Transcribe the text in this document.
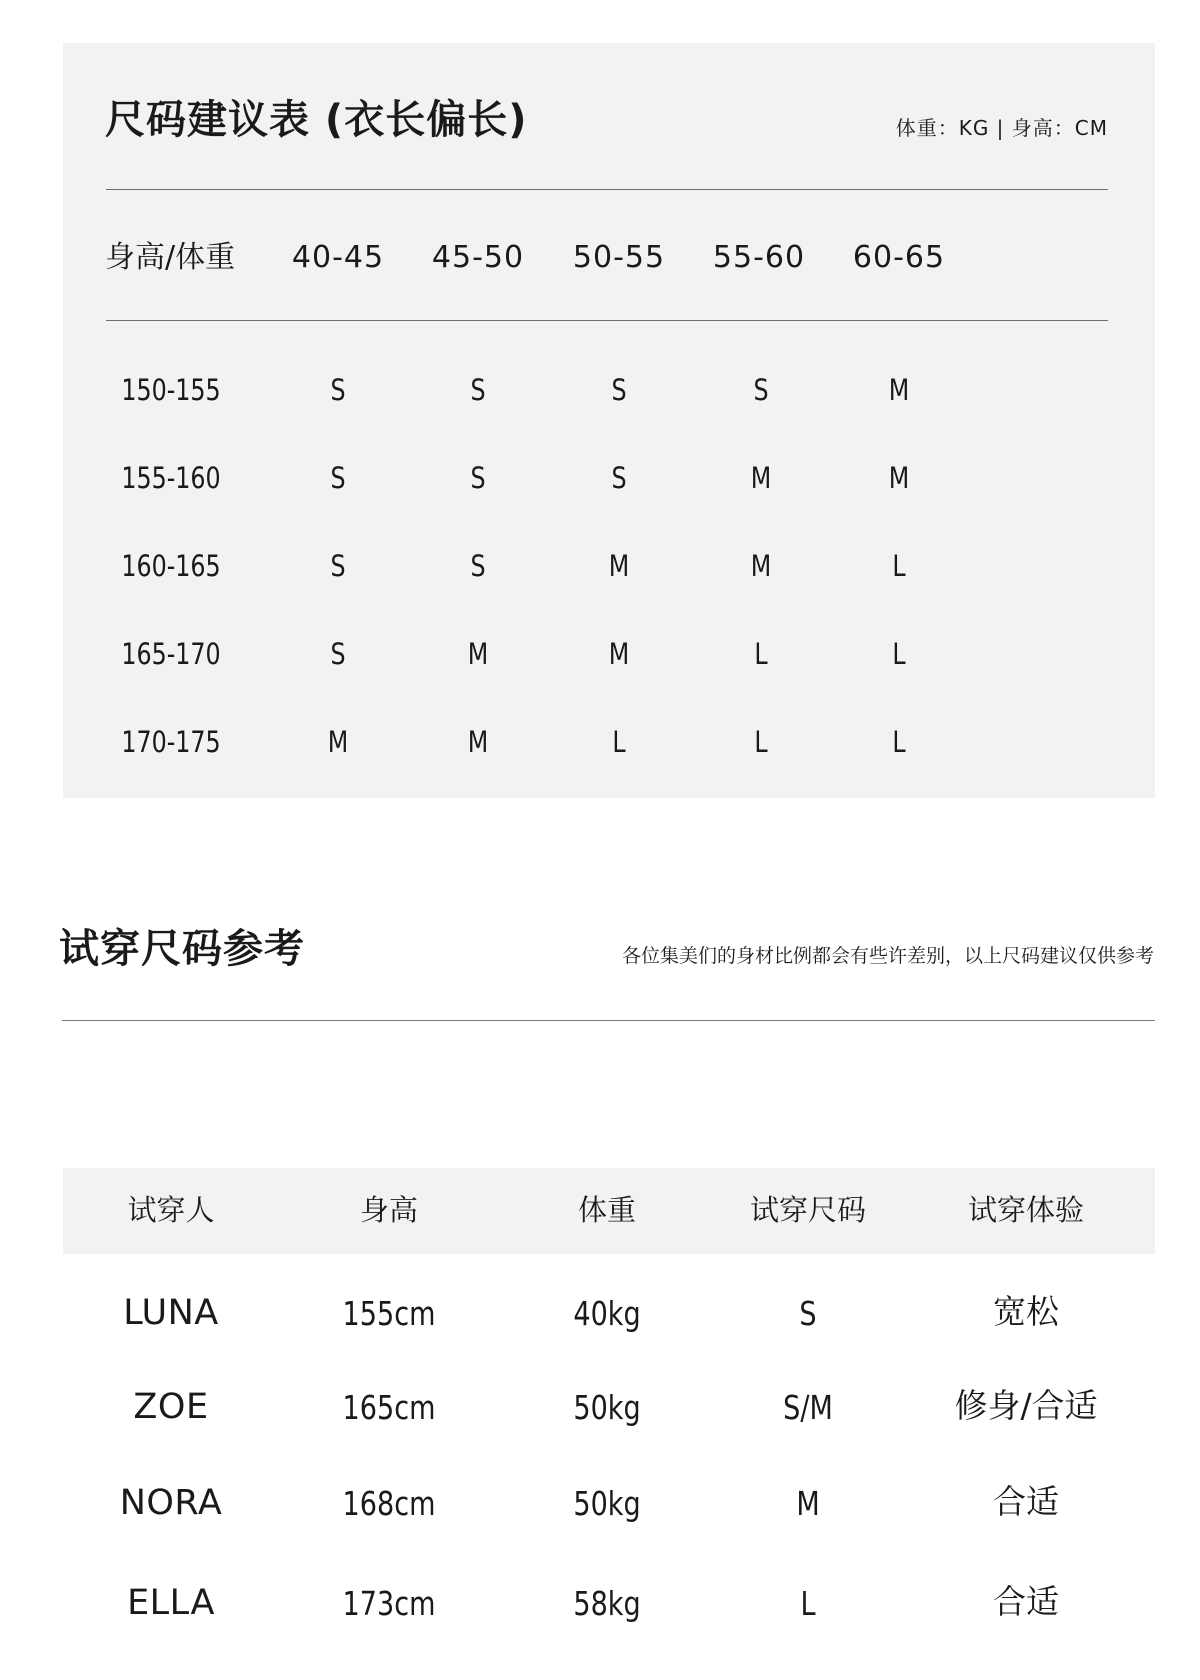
尺码建议表 (衣长偏长)	体重：KG | 身高：CM
身高/体重	40-45	45-50	50-55	55-60	60-65
150-155	S	S	S	S	M
155-160	S	S	S	M	M
160-165	S	S	M	M	L
165-170	S	M	M	L	L
170-175	M	M	L	L	L
试穿尺码参考	各位集美们的身材比例都会有些许差别，以上尺码建议仅供参考
试穿人	身高	体重	试穿尺码	试穿体验
LUNA	155cm	40kg	S	宽松
ZOE	165cm	50kg	S/M	修身/合适
NORA	168cm	50kg	M	合适
ELLA	173cm	58kg	L	合适
